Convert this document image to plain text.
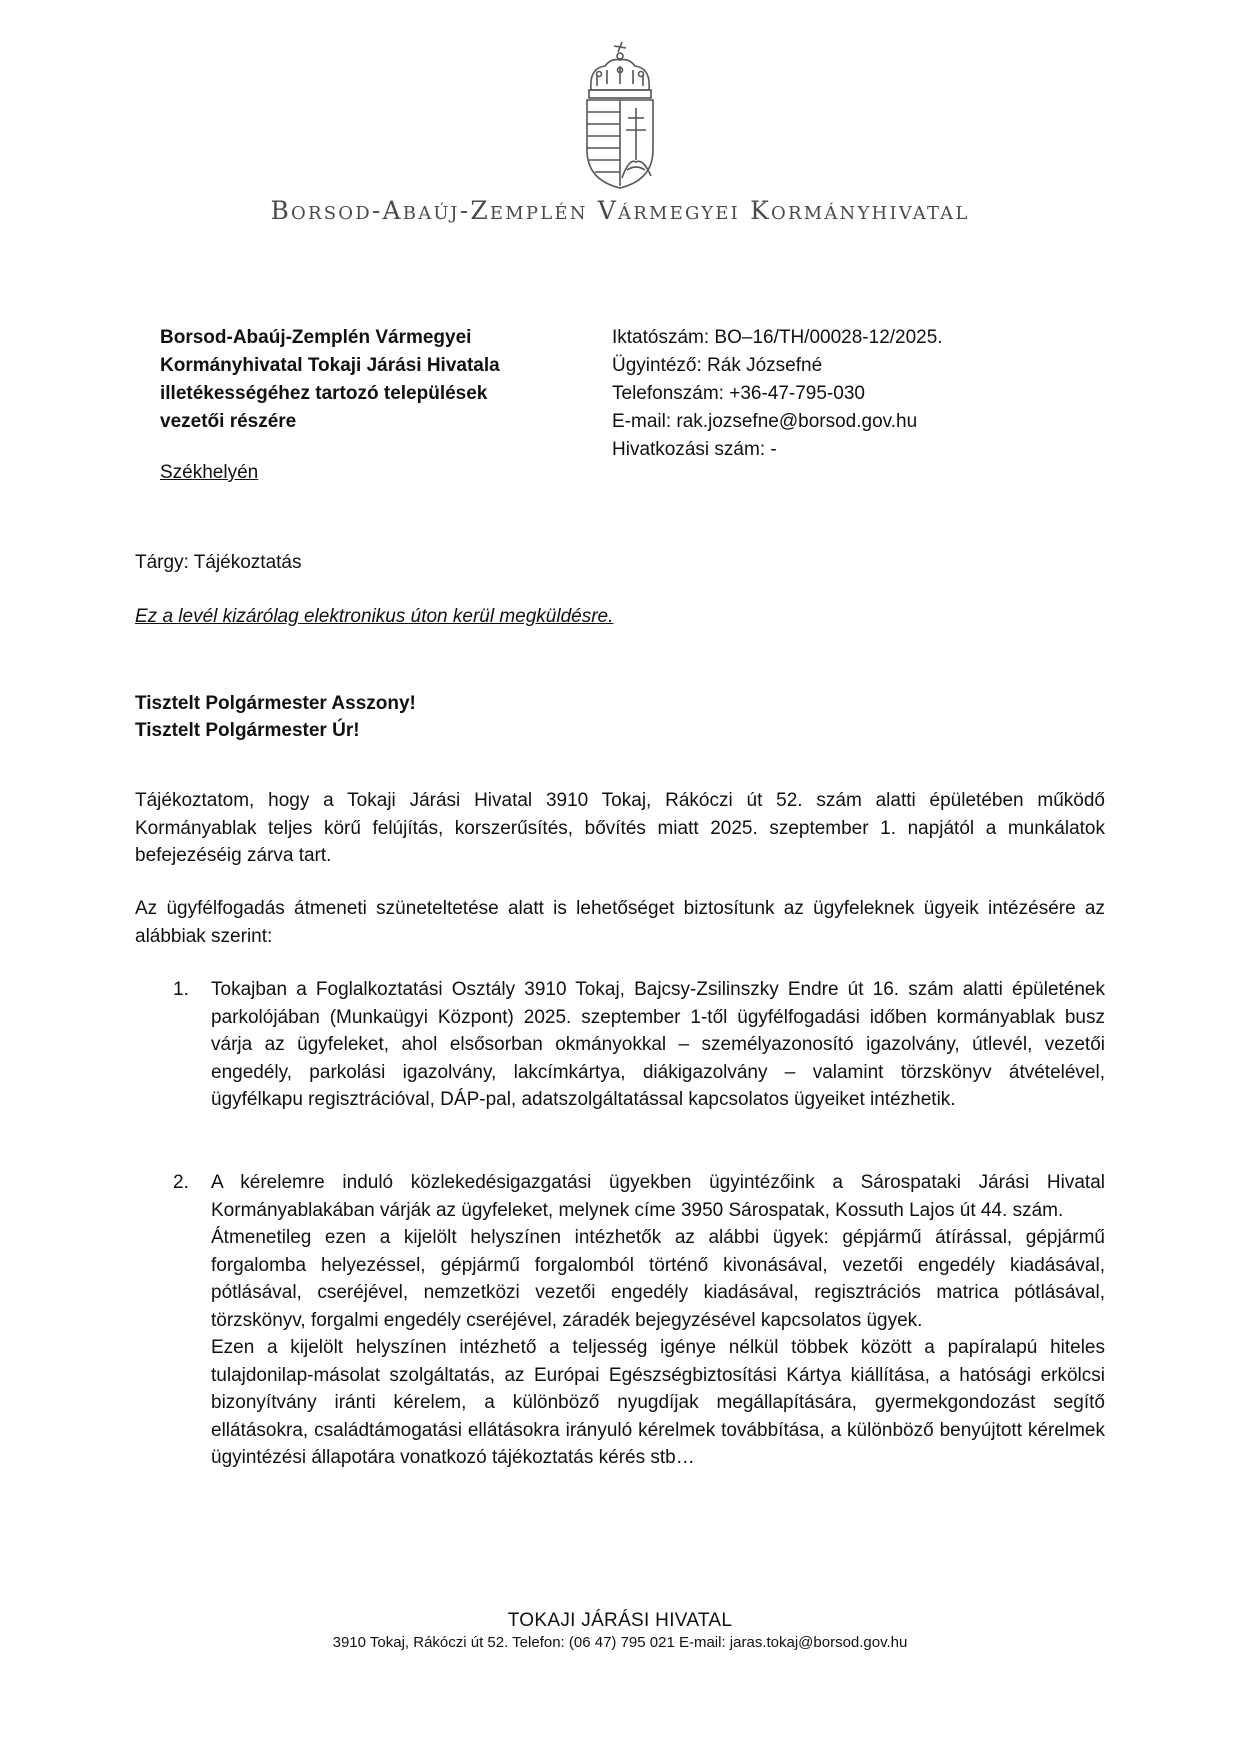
Borsod-Abaúj-Zemplén Vármegyei Kormányhivatal
Borsod-Abaúj-Zemplén Vármegyei
Kormányhivatal Tokaji Járási Hivatala
illetékességéhez tartozó települések
vezetői részére
Székhelyén
Iktatószám: BO–16/TH/00028-12/2025.
Ügyintéző: Rák Józsefné
Telefonszám: +36-47-795-030
E-mail: rak.jozsefne@borsod.gov.hu
Hivatkozási szám: -
Tárgy: Tájékoztatás
Ez a levél kizárólag elektronikus úton kerül megküldésre.
Tisztelt Polgármester Asszony!
Tisztelt Polgármester Úr!
Tájékoztatom, hogy a Tokaji Járási Hivatal 3910 Tokaj, Rákóczi út 52. szám alatti épületében működő Kormányablak teljes körű felújítás, korszerűsítés, bővítés miatt 2025. szeptember 1. napjától a munkálatok befejezéséig zárva tart.
Az ügyfélfogadás átmeneti szüneteltetése alatt is lehetőséget biztosítunk az ügyfeleknek ügyeik intézésére az alábbiak szerint:
1. Tokajban a Foglalkoztatási Osztály 3910 Tokaj, Bajcsy-Zsilinszky Endre út 16. szám alatti épületének parkolójában (Munkaügyi Központ) 2025. szeptember 1-től ügyfélfogadási időben kormányablak busz várja az ügyfeleket, ahol elsősorban okmányokkal – személyazonosító igazolvány, útlevél, vezetői engedély, parkolási igazolvány, lakcímkártya, diákigazolvány – valamint törzskönyv átvételével, ügyfélkapu regisztrációval, DÁP-pal, adatszolgáltatással kapcsolatos ügyeiket intézhetik.
2. A kérelemre induló közlekedésigazgatási ügyekben ügyintézőink a Sárospataki Járási Hivatal Kormányablakában várják az ügyfeleket, melynek címe 3950 Sárospatak, Kossuth Lajos út 44. szám.

Átmenetileg ezen a kijelölt helyszínen intézhetők az alábbi ügyek: gépjármű átírással, gépjármű forgalomba helyezéssel, gépjármű forgalomból történő kivonásával, vezetői engedély kiadásával, pótlásával, cseréjével, nemzetközi vezetői engedély kiadásával, regisztrációs matrica pótlásával, törzskönyv, forgalmi engedély cseréjével, záradék bejegyzésével kapcsolatos ügyek.

Ezen a kijelölt helyszínen intézhető a teljesség igénye nélkül többek között a papíralapú hiteles tulajdonilap-másolat szolgáltatás, az Európai Egészségbiztosítási Kártya kiállítása, a hatósági erkölcsi bizonyítvány iránti kérelem, a különböző nyugdíjak megállapítására, gyermekgondozást segítő ellátásokra, családtámogatási ellátásokra irányuló kérelmek továbbítása, a különböző benyújtott kérelmek ügyintézési állapotára vonatkozó tájékoztatás kérés stb…

TOKAJI JÁRÁSI HIVATAL
3910 Tokaj, Rákóczi út 52. Telefon: (06 47) 795 021 E-mail: jaras.tokaj@borsod.gov.hu
